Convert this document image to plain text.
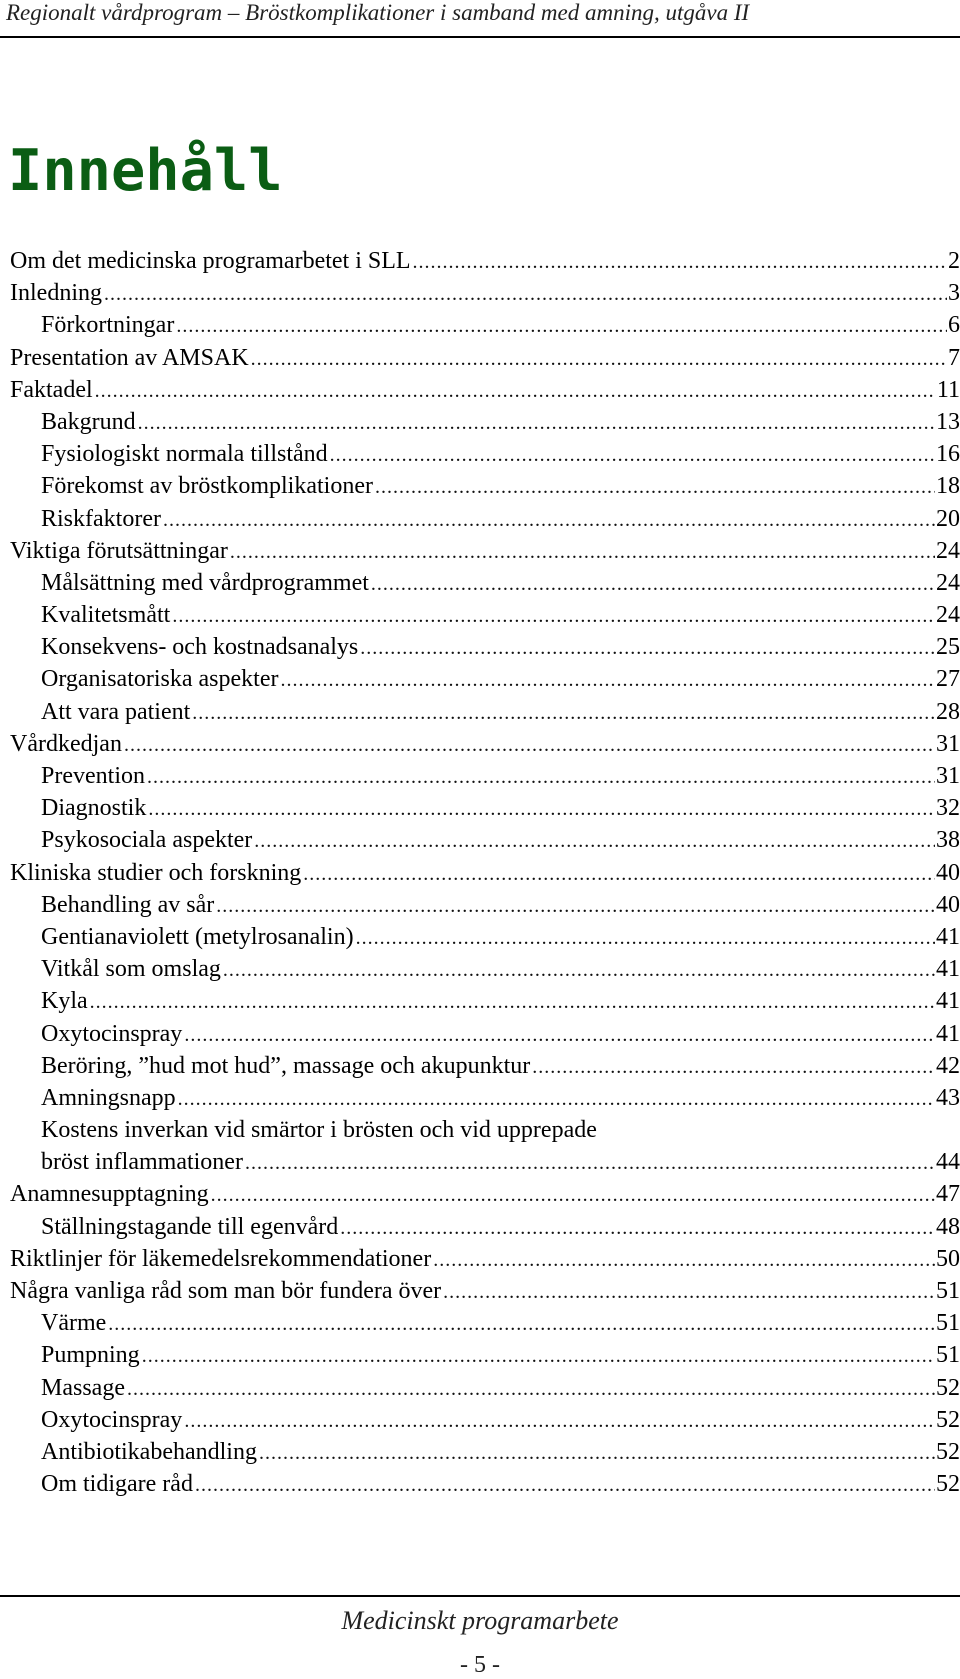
Regionalt vårdprogram – Bröstkomplikationer i samband med amning, utgåva II
Innehåll
Om det medicinska programarbetet i SLL .....	2
Inledning .....	3
Förkortningar .....	6
Presentation av AMSAK .....	7
Faktadel .....	11
Bakgrund .....	13
Fysiologiskt normala tillstånd .....	16
Förekomst av bröstkomplikationer .....	18
Riskfaktorer .....	20
Viktiga förutsättningar .....	24
Målsättning med vårdprogrammet .....	24
Kvalitetsmått .....	24
Konsekvens- och kostnadsanalys .....	25
Organisatoriska aspekter .....	27
Att vara patient .....	28
Vårdkedjan .....	31
Prevention .....	31
Diagnostik .....	32
Psykosociala aspekter .....	38
Kliniska studier och forskning .....	40
Behandling av sår .....	40
Gentianaviolett (metylrosanalin) .....	41
Vitkål som omslag .....	41
Kyla .....	41
Oxytocinspray .....	41
Beröring, ”hud mot hud”, massage och akupunktur .....	42
Amningsnapp .....	43
Kostens inverkan vid smärtor i brösten och vid upprepade
bröst inflammationer .....	44
Anamnesupptagning .....	47
Ställningstagande till egenvård .....	48
Riktlinjer för läkemedelsrekommendationer .....	50
Några vanliga råd som man bör fundera över .....	51
Värme .....	51
Pumpning .....	51
Massage .....	52
Oxytocinspray .....	52
Antibiotikabehandling .....	52
Om tidigare råd .....	52
Medicinskt programarbete
- 5 -
